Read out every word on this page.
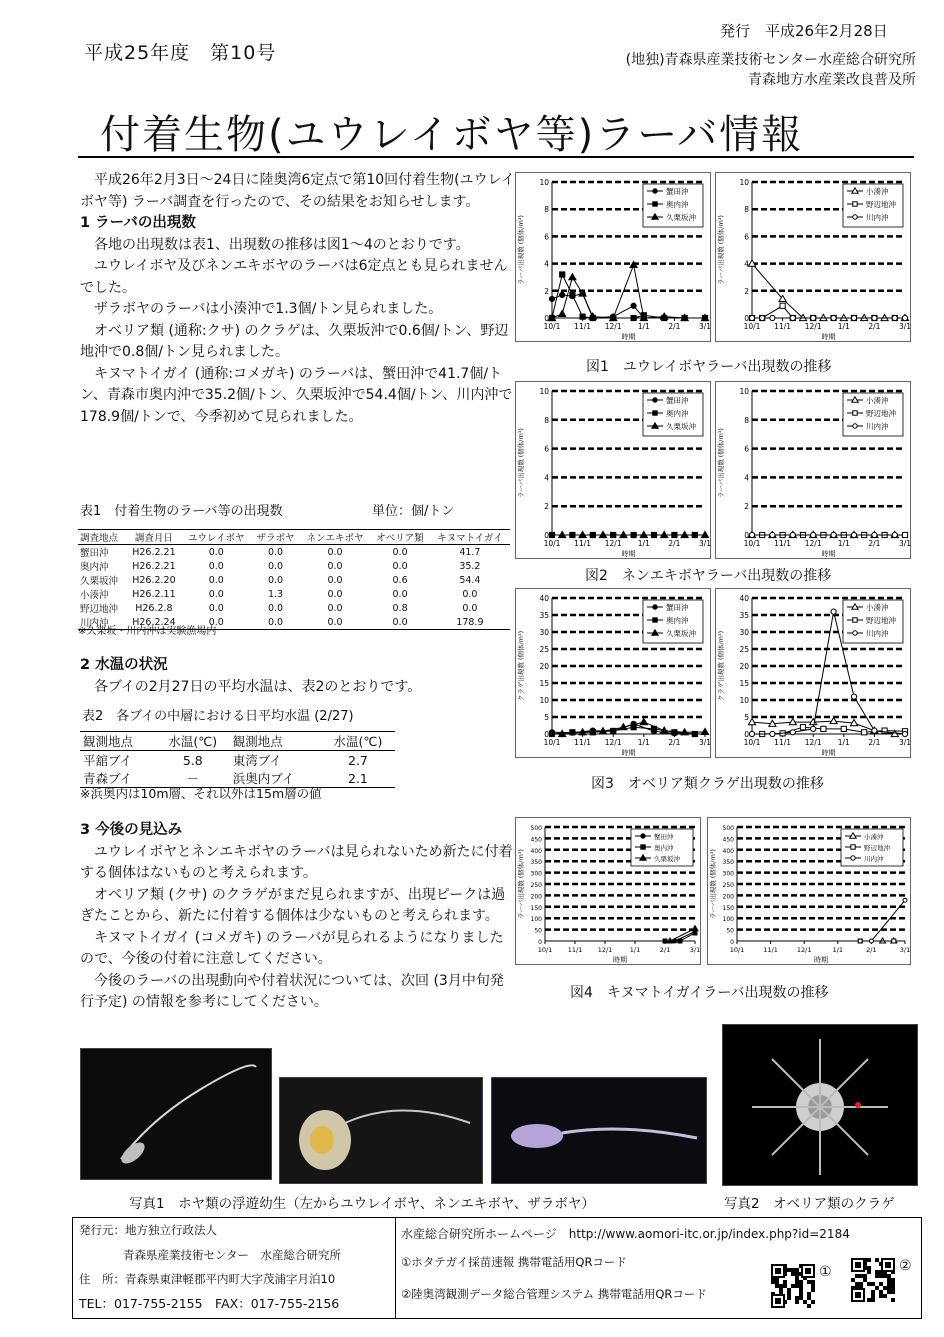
平成25年度　第10号
発行　平成26年2月28日
(地独)青森県産業技術センター水産総合研究所
青森地方水産業改良普及所
付着生物(ユウレイボヤ等)ラーバ情報

平成26年2月3日～24日に陸奥湾6定点で第10回付着生物(ユウレイボヤ等) ラーバ調査を行ったので、その結果をお知らせします。

1 ラーバの出現数

各地の出現数は表1、出現数の推移は図1～4のとおりです。

ユウレイボヤ及びネンエキボヤのラーバは6定点とも見られませんでした。

ザラボヤのラーバは小湊沖で1.3個/トン見られました。

オベリア類 (通称:クサ) のクラゲは、久栗坂沖で0.6個/トン、野辺地沖で0.8個/トン見られました。

キヌマトイガイ (通称:コメガキ) のラーバは、蟹田沖で41.7個/トン、青森市奥内沖で35.2個/トン、久栗坂沖で54.4個/トン、川内沖で178.9個/トンで、今季初めて見られました。

表1　付着生物のラーバ等の出現数	単位：個/トン
調査地点	調査月日	ユウレイボヤ	ザラボヤ	ネンエキボヤ	オベリア類	キヌマトイガイ
蟹田沖	H26.2.21	0.0	0.0	0.0	0.0	41.7
奥内沖	H26.2.21	0.0	0.0	0.0	0.0	35.2
久栗坂沖	H26.2.20	0.0	0.0	0.0	0.6	54.4
小湊沖	H26.2.11	0.0	1.3	0.0	0.0	0.0
野辺地沖	H26.2.8	0.0	0.0	0.0	0.8	0.0
川内沖	H26.2.24	0.0	0.0	0.0	0.0	178.9
※久栗坂・川内沖は実験漁場内
2 水温の状況

各ブイの2月27日の平均水温は、表2のとおりです。

表2　各ブイの中層における日平均水温 (2/27)
観測地点	水温(℃)	観測地点	水温(℃)
平舘ブイ	5.8	東湾ブイ	2.7
青森ブイ	－	浜奥内ブイ	2.1
※浜奥内は10m層、それ以外は15m層の値
3 今後の見込み

ユウレイボヤとネンエキボヤのラーバは見られないため新たに付着する個体はないものと考えられます。

オベリア類 (クサ) のクラゲがまだ見られますが、出現ピークは過ぎたことから、新たに付着する個体は少ないものと考えられます。

キヌマトイガイ (コメガキ) のラーバが見られるようになりましたので、今後の付着に注意してください。

今後のラーバの出現動向や付着状況については、次回 (3月中旬発行予定) の情報を参考にしてください。

0
2
4
6
8
10
10/1 11/1 12/1 1/1 2/1 3/1
時期
ラーバ出現数 (個体/m³)
蟹田沖
奥内沖
久栗坂沖
0
2
4
6
8
10
10/1 11/1 12/1 1/1 2/1 3/1
時期
ラーバ出現数 (個体/m³)
小湊沖
野辺地沖
川内沖
図1　ユウレイボヤラーバ出現数の推移
0
2
4
6
8
10
10/1 11/1 12/1 1/1 2/1 3/1
時期
ラーバ出現数 (個体/m³)
蟹田沖
奥内沖
久栗坂沖
0
2
4
6
8
10
10/1 11/1 12/1 1/1 2/1 3/1
時期
ラーバ出現数 (個体/m³)
小湊沖
野辺地沖
川内沖
図2　ネンエキボヤラーバ出現数の推移
0
5
10
15
20
25
30
35
40
10/1 11/1 12/1 1/1 2/1 3/1
時期
クラゲ出現数 (個体/m³)
蟹田沖
奥内沖
久栗坂沖
0
5
10
15
20
25
30
35
40
10/1 11/1 12/1 1/1 2/1 3/1
時期
クラゲ出現数 (個体/m³)
小湊沖
野辺地沖
川内沖
図3　オベリア類クラゲ出現数の推移
0
50
100
150
200
250
300
350
400
450
500
10/1 11/1 12/1	1/1	2/1	3/1
時期
ラーバ出現数 (個体/m³)
蟹田沖
奥内沖
久栗坂沖
0
50
100
150
200
250
300
350
400
450
500
10/1	11/1	12/1	1/1	2/1	3/1
時期
ラーバ出現数 (個体/m³)
小湊沖
野辺地沖
川内沖
図4　キヌマトイガイラーバ出現数の推移
写真1　ホヤ類の浮遊幼生（左からユウレイボヤ、ネンエキボヤ、ザラボヤ）	写真2　オベリア類のクラゲ
発行元：地方独立行政法人
青森県産業技術センター　水産総合研究所
住　所：青森県東津軽郡平内町大字茂浦字月泊10
TEL：017-755-2155　FAX：017-755-2156
水産総合研究所ホームページ　http://www.aomori-itc.or.jp/index.php?id=2184
①ホタテガイ採苗速報 携帯電話用QRコード
②陸奥湾観測データ総合管理システム 携帯電話用QRコード
①	②
